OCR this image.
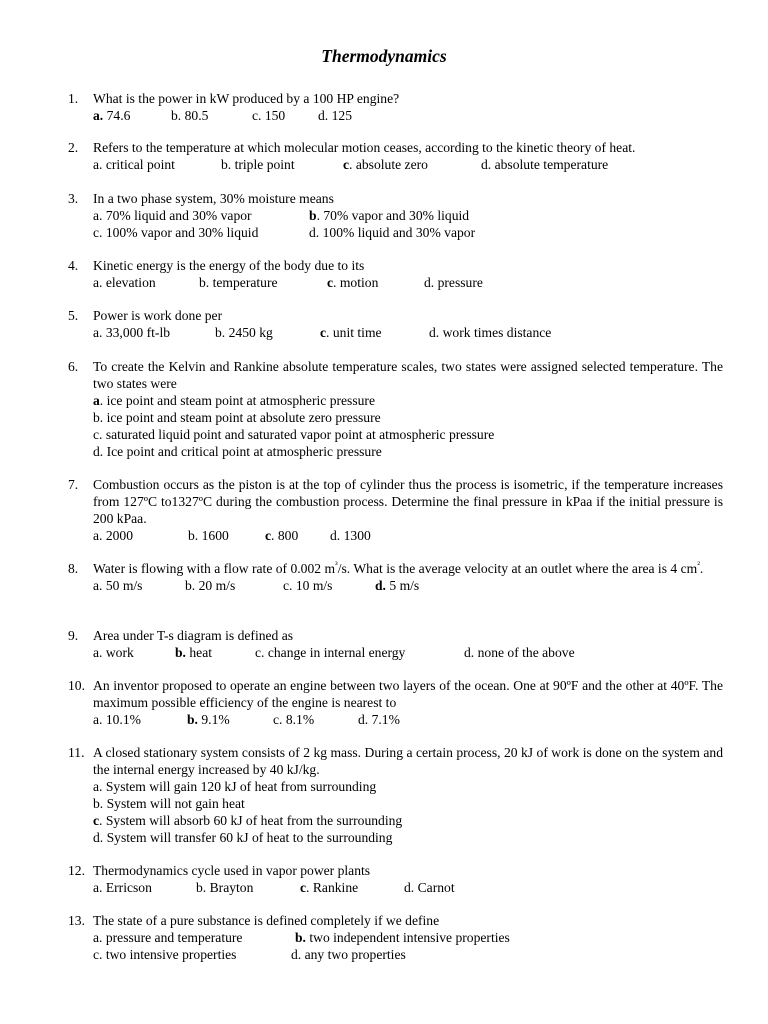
Thermodynamics
1. What is the power in kW produced by a 100 HP engine?
a. 74.6	b. 80.5	c. 150 d. 125
2. Refers to the temperature at which molecular motion ceases, according to the kinetic theory of heat.
a. critical point	b. triple point	c. absolute zero	d. absolute temperature
3. In a two phase system, 30% moisture means
a. 70% liquid and 30% vapor	b. 70% vapor and 30% liquid
c. 100% vapor and 30% liquid	d. 100% liquid and 30% vapor
4. Kinetic energy is the energy of the body due to its
a. elevation	b. temperature	c. motion	d. pressure
5. Power is work done per
a. 33,000 ft-lb	b. 2450 kg	c. unit time	d. work times distance
6. To create the Kelvin and Rankine absolute temperature scales, two states were assigned selected temperature. The two states were
a. ice point and steam point at atmospheric pressure
b. ice point and steam point at absolute zero pressure
c. saturated liquid point and saturated vapor point at atmospheric pressure
d. Ice point and critical point at atmospheric pressure
7. Combustion occurs as the piston is at the top of cylinder thus the process is isometric, if the temperature increases from 127ºC to1327ºC during the combustion process. Determine the final pressure in kPaa if the initial pressure is 200 kPaa.
a. 2000	b. 1600	c. 800 d. 1300
8. Water is flowing with a flow rate of 0.002 $m^{^3}/s$. What is the average velocity at an outlet where the area is 4 $cm^{^2}$.
a. 50 m/s	b. 20 m/s	c. 10 m/s	d. 5 m/s
9. Area under T-s diagram is defined as
a. work	b. heat	c. change in internal energy	d. none of the above
10. An inventor proposed to operate an engine between two layers of the ocean. One at 90ºF and the other at 40ºF. The maximum possible efficiency of the engine is nearest to
a. 10.1%	b. 9.1%	c. 8.1%	d. 7.1%
11. A closed stationary system consists of 2 kg mass. During a certain process, 20 kJ of work is done on the system and the internal energy increased by 40 kJ/kg.
a. System will gain 120 kJ of heat from surrounding
b. System will not gain heat
c. System will absorb 60 kJ of heat from the surrounding
d. System will transfer 60 kJ of heat to the surrounding
12. Thermodynamics cycle used in vapor power plants
a. Erricson	b. Brayton	c. Rankine	d. Carnot
13. The state of a pure substance is defined completely if we define
a. pressure and temperature	b. two independent intensive properties
c. two intensive properties	d. any two properties
